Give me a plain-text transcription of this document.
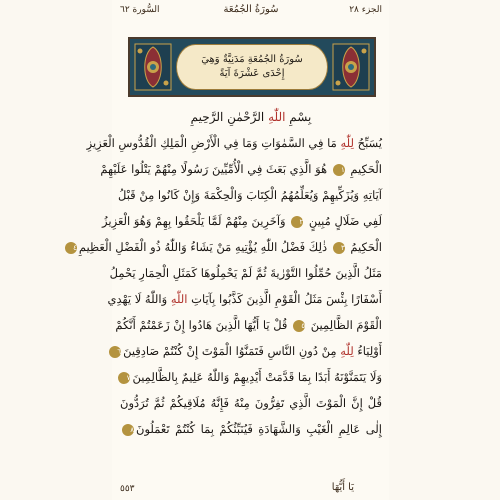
الجزء ٢٨
سُورَةُ الجُمُعَة
السُّورة ٦٢
سُورَةُ الجُمُعَةِ مَدَنِيَّةٌ وَهِيَ
إِحْدَى عَشْرَةَ آيَةً
بِسْمِ اللّٰهِ الرَّحْمٰنِ الرَّحِيمِ
يُسَبِّحُ لِلّٰهِ مَا فِي السَّمٰوَاتِ وَمَا فِي الْأَرْضِ الْمَلِكِ الْقُدُّوسِ الْعَزِيزِ
الْحَكِيمِ ١ هُوَ الَّذِي بَعَثَ فِي الْأُمِّيِّينَ رَسُولًا مِنْهُمْ يَتْلُوا عَلَيْهِمْ
آيَاتِهِ وَيُزَكِّيهِمْ وَيُعَلِّمُهُمُ الْكِتَابَ وَالْحِكْمَةَ وَإِنْ كَانُوا مِنْ قَبْلُ
لَفِي ضَلَالٍ مُبِينٍ ٢ وَآخَرِينَ مِنْهُمْ لَمَّا يَلْحَقُوا بِهِمْ وَهُوَ الْعَزِيزُ
الْحَكِيمُ ٣ ذٰلِكَ فَضْلُ اللّٰهِ يُؤْتِيهِ مَنْ يَشَاءُ وَاللّٰهُ ذُو الْفَضْلِ الْعَظِيمِ٤
مَثَلُ الَّذِينَ حُمِّلُوا التَّوْرٰيةَ ثُمَّ لَمْ يَحْمِلُوهَا كَمَثَلِ الْحِمَارِ يَحْمِلُ
أَسْفَارًا بِئْسَ مَثَلُ الْقَوْمِ الَّذِينَ كَذَّبُوا بِآيَاتِ اللّٰهِ وَاللّٰهُ لَا يَهْدِي
الْقَوْمَ الظَّالِمِينَ ٥ قُلْ يَا أَيُّهَا الَّذِينَ هَادُوا إِنْ زَعَمْتُمْ أَنَّكُمْ
أَوْلِيَاءُ لِلّٰهِ مِنْ دُونِ النَّاسِ فَتَمَنَّوُا الْمَوْتَ إِنْ كُنْتُمْ صَادِقِينَ٦
وَلَا يَتَمَنَّوْنَهُ أَبَدًا بِمَا قَدَّمَتْ أَيْدِيهِمْ وَاللّٰهُ عَلِيمٌ بِالظَّالِمِينَ٧
قُلْ إِنَّ الْمَوْتَ الَّذِي تَفِرُّونَ مِنْهُ فَإِنَّهُ مُلَاقِيكُمْ ثُمَّ تُرَدُّونَ
إِلٰى عَالِمِ الْغَيْبِ وَالشَّهَادَةِ فَيُنَبِّئُكُمْ بِمَا كُنْتُمْ تَعْمَلُونَ٨
يَا أَيُّهَا
٥٥٣
